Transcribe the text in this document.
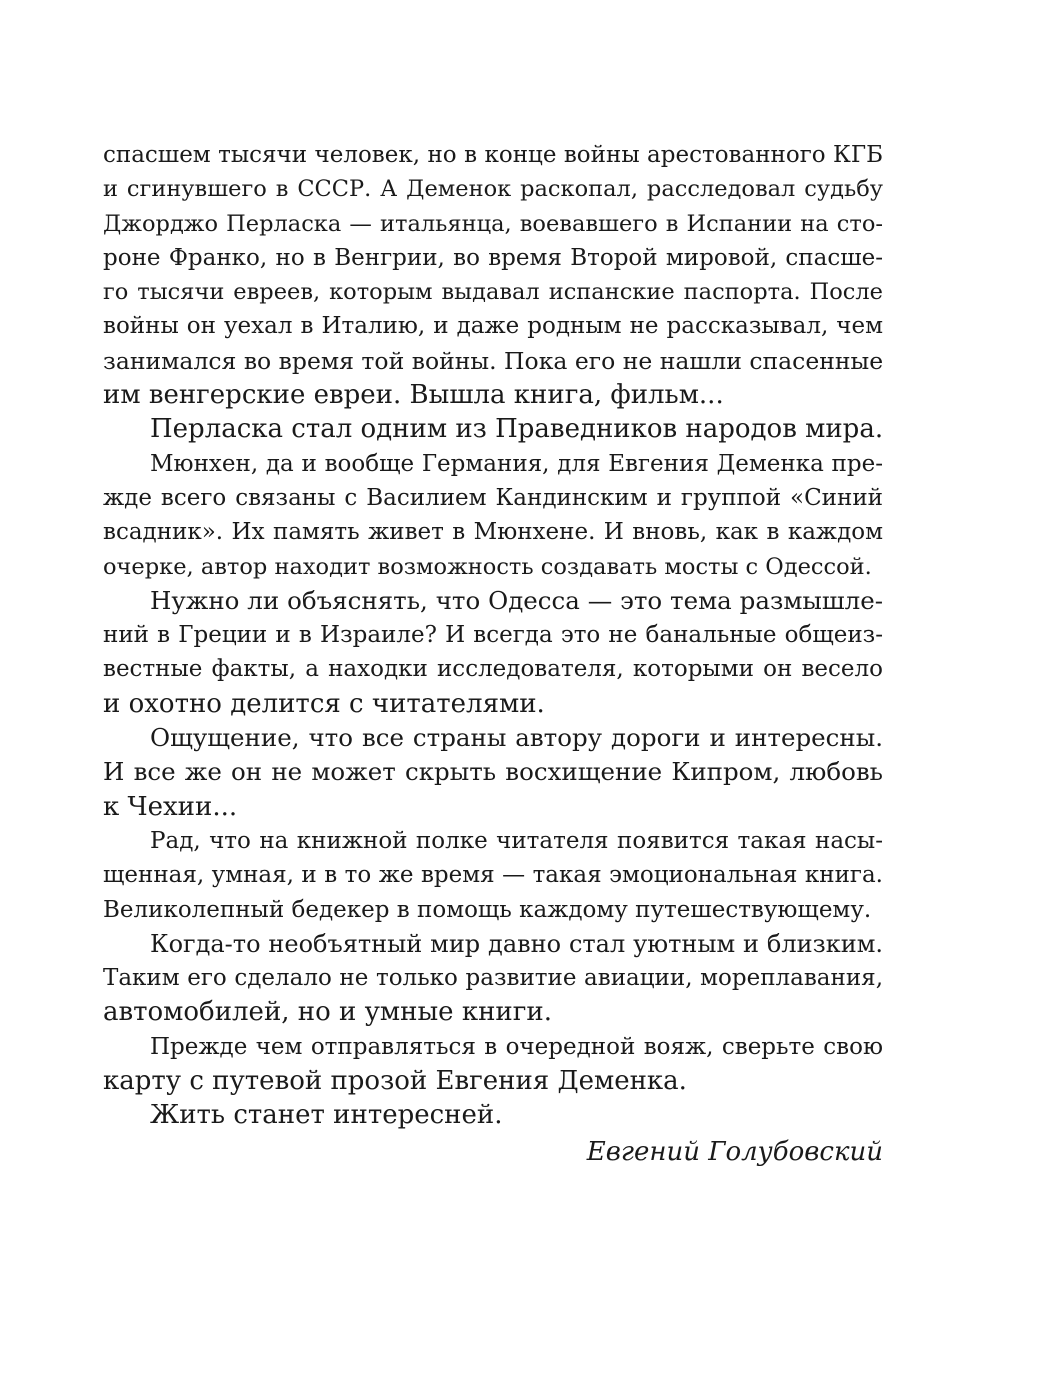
спасшем тысячи человек, но в конце войны арестованного КГБ
и сгинувшего в СССР. А Деменок раскопал, расследовал судьбу
Джорджо Перласка — итальянца, воевавшего в Испании на сто-
роне Франко, но в Венгрии, во время Второй мировой, спасше-
го тысячи евреев, которым выдавал испанские паспорта. После
войны он уехал в Италию, и даже родным не рассказывал, чем
занимался во время той войны. Пока его не нашли спасенные
им венгерские евреи. Вышла книга, фильм...
Перласка стал одним из Праведников народов мира.
Мюнхен, да и вообще Германия, для Евгения Деменка пре-
жде всего связаны с Василием Кандинским и группой «Синий
всадник». Их память живет в Мюнхене. И вновь, как в каждом
очерке, автор находит возможность создавать мосты с Одессой.
Нужно ли объяснять, что Одесса — это тема размышле-
ний в Греции и в Израиле? И всегда это не банальные общеиз-
вестные факты, а находки исследователя, которыми он весело
и охотно делится с читателями.
Ощущение, что все страны автору дороги и интересны.
И все же он не может скрыть восхищение Кипром, любовь
к Чехии...
Рад, что на книжной полке читателя появится такая насы-
щенная, умная, и в то же время — такая эмоциональная книга.
Великолепный бедекер в помощь каждому путешествующему.
Когда-то необъятный мир давно стал уютным и близким.
Таким его сделало не только развитие авиации, мореплавания,
автомобилей, но и умные книги.
Прежде чем отправляться в очередной вояж, сверьте свою
карту с путевой прозой Евгения Деменка.
Жить станет интересней.
Евгений Голубовский
